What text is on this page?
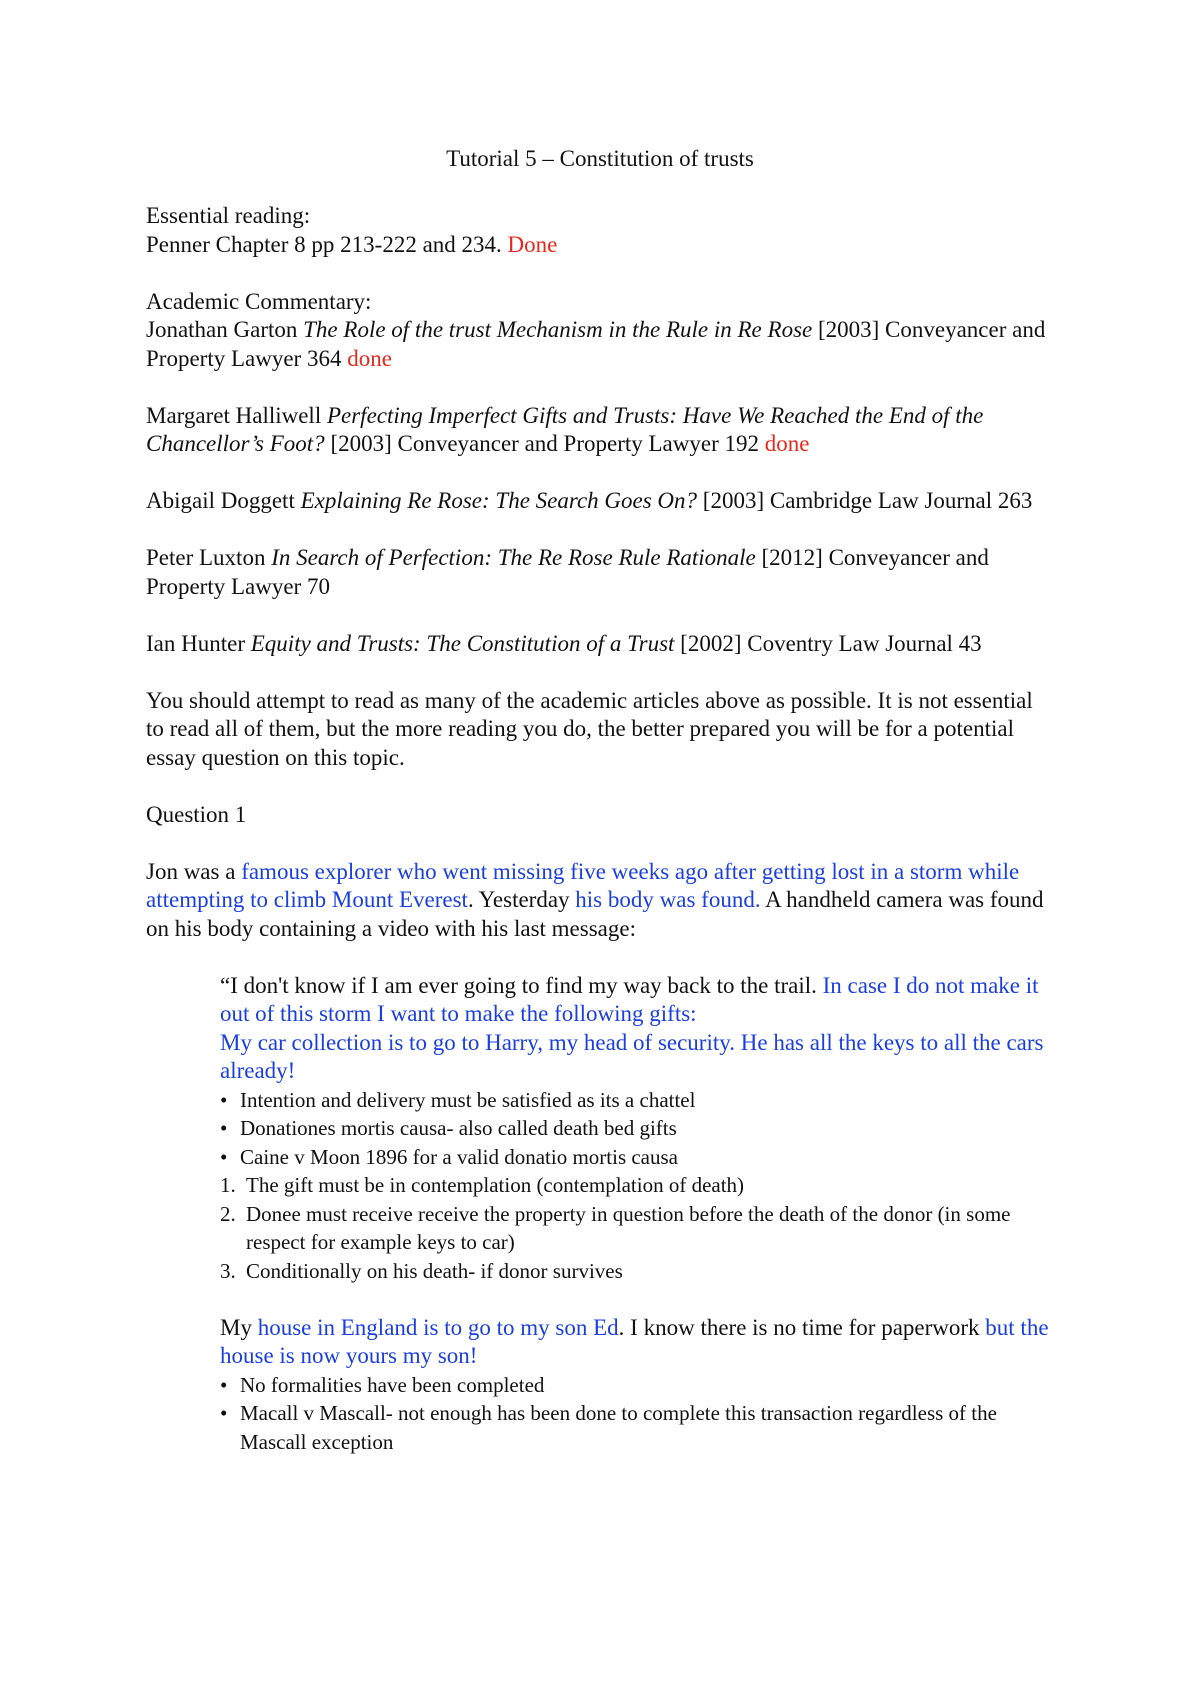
Tutorial 5 – Constitution of trusts

Essential reading:
Penner Chapter 8 pp 213-222 and 234. Done

Academic Commentary:
Jonathan Garton The Role of the trust Mechanism in the Rule in Re Rose [2003] Conveyancer and Property Lawyer 364 done

Margaret Halliwell Perfecting Imperfect Gifts and Trusts: Have We Reached the End of the Chancellor’s Foot? [2003] Conveyancer and Property Lawyer 192 done

Abigail Doggett Explaining Re Rose: The Search Goes On? [2003] Cambridge Law Journal 263

Peter Luxton In Search of Perfection: The Re Rose Rule Rationale [2012] Conveyancer and Property Lawyer 70

Ian Hunter Equity and Trusts: The Constitution of a Trust [2002] Coventry Law Journal 43

You should attempt to read as many of the academic articles above as possible. It is not essential to read all of them, but the more reading you do, the better prepared you will be for a potential essay question on this topic.

Question 1

Jon was a famous explorer who went missing five weeks ago after getting lost in a storm while attempting to climb Mount Everest. Yesterday his body was found. A handheld camera was found on his body containing a video with his last message:

“I don't know if I am ever going to find my way back to the trail. In case I do not make it out of this storm I want to make the following gifts:
My car collection is to go to Harry, my head of security. He has all the keys to all the cars already!

• Intention and delivery must be satisfied as its a chattel
• Donationes mortis causa- also called death bed gifts
• Caine v Moon 1896 for a valid donatio mortis causa
1. The gift must be in contemplation (contemplation of death)
2. Donee must receive receive the property in question before the death of the donor (in some respect for example keys to car)
3. Conditionally on his death- if donor survives

My house in England is to go to my son Ed. I know there is no time for paperwork but the house is now yours my son!

• No formalities have been completed
• Macall v Mascall- not enough has been done to complete this transaction regardless of the Mascall exception
